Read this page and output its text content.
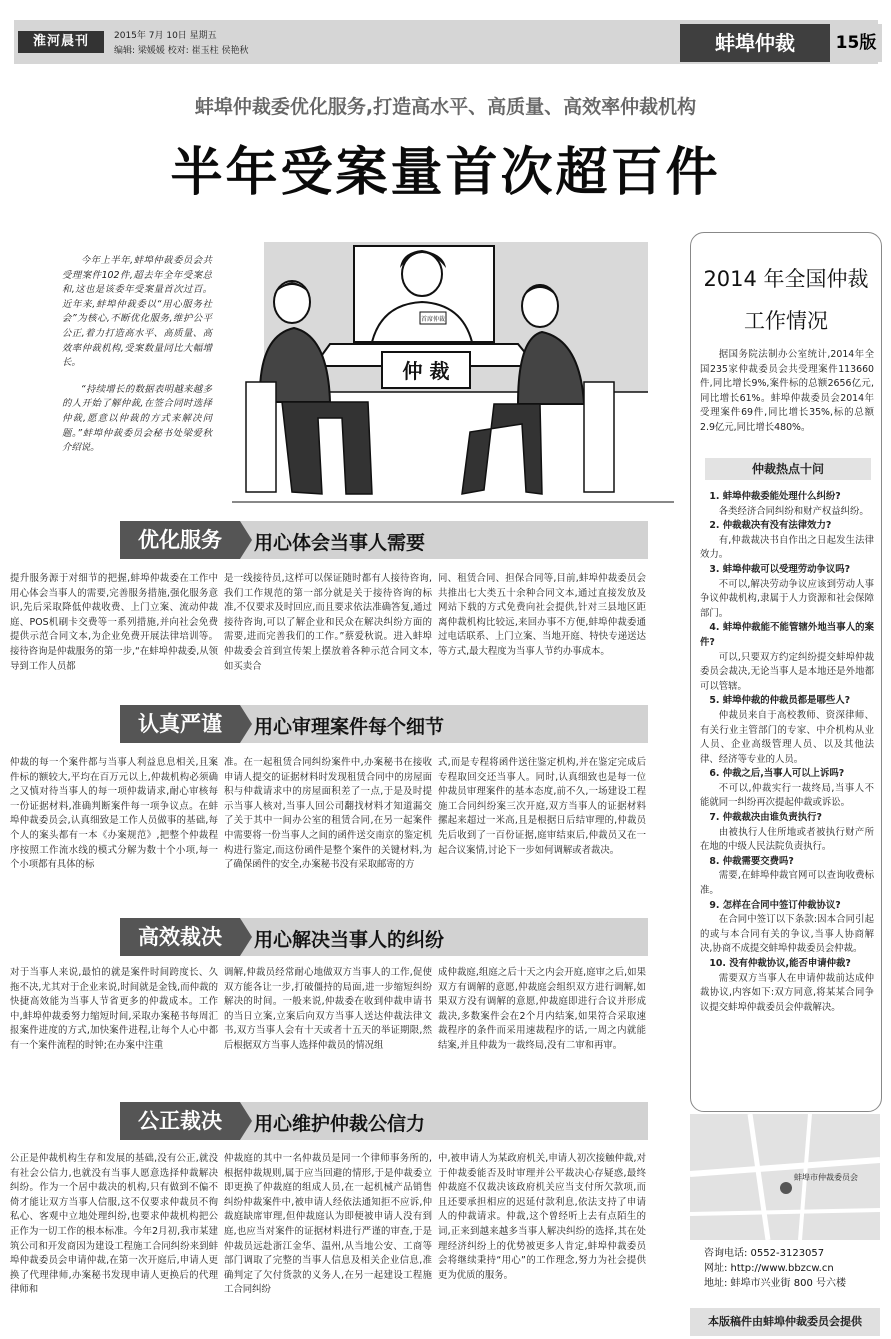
淮河晨刊	2015年 7月 10日 星期五
编辑: 梁媛媛 校对: 崔玉柱 侯艳秋	蚌埠仲裁	15版
蚌埠仲裁委优化服务,打造高水平、高质量、高效率仲裁机构
半年受案量首次超百件

今年上半年,蚌埠仲裁委员会共受理案件102件,超去年全年受案总和,这也是该委年受案量首次过百。近年来,蚌埠仲裁委以“用心服务社会”为核心,不断优化服务,维护公平公正,着力打造高水平、高质量、高效率仲裁机构,受案数量同比大幅增长。

“持续增长的数据表明越来越多的人开始了解仲裁,在签合同时选择仲裁,愿意以仲裁的方式来解决问题。”蚌埠仲裁委员会秘书处梁爱秋介绍说。

首席仲裁
仲 裁
优化服务	用心体会当事人需要
提升服务源于对细节的把握,蚌埠仲裁委在工作中用心体会当事人的需要,完善服务措施,强化服务意识,先后采取降低仲裁收费、上门立案、流动仲裁庭、POS机刷卡交费等一系列措施,并向社会免费提供示范合同文本,为企业免费开展法律培训等。接待咨询是仲裁服务的第一步,“在蚌埠仲裁委,从领导到工作人员都
是一线接待员,这样可以保证随时都有人接待咨询,我们工作规范的第一部分就是关于接待咨询的标准,不仅要求及时回应,而且要求依法准确答复,通过接待咨询,可以了解企业和民众在解决纠纷方面的需要,进而完善我们的工作。”蔡爱秋说。进入蚌埠仲裁委会首到宣传架上摆放着各种示范合同文本,如买卖合
同、租赁合同、担保合同等,目前,蚌埠仲裁委员会共推出七大类五十余种合同文本,通过直接发放及网站下载的方式免费向社会提供,针对三县地区距离仲裁机构比较远,来回办事不方便,蚌埠仲裁委通过电话联系、上门立案、当地开庭、特快专递送达等方式,最大程度为当事人节约办事成本。
认真严谨	用心审理案件每个细节
仲裁的每一个案件都与当事人利益息息相关,且案件标的额较大,平均在百万元以上,仲裁机构必须确之又慎对待当事人的每一项仲裁请求,耐心审核每一份证据材料,准确判断案件每一项争议点。在蚌埠仲裁委员会,认真细致是工作人员做事的基础,每个人的案头都有一本《办案规范》,把整个仲裁程序按照工作流水线的模式分解为数十个小项,每一个小项都有具体的标
准。在一起租赁合同纠纷案件中,办案秘书在接收申请人提交的证据材料时发现租赁合同中的房屋面积与仲裁请求中的房屋面积差了一点,于是及时提示当事人核对,当事人回公司翻找材料才知道漏交了关于其中一间办公室的租赁合同,在另一起案件中需要将一份当事人之间的函件送交南京的鉴定机构进行鉴定,而这份函件是整个案件的关键材料,为了确保函件的安全,办案秘书没有采取邮寄的方
式,而是专程将函件送往鉴定机构,并在鉴定完成后专程取回交还当事人。同时,认真细致也是每一位仲裁员审理案件的基本态度,前不久,一场建设工程施工合同纠纷案三次开庭,双方当事人的证据材料摞起来超过一米高,且是根据日后结审理的,仲裁员先后收到了一百份证据,庭审结束后,仲裁员又在一起合议案情,讨论下一步如何调解或者裁决。
高效裁决	用心解决当事人的纠纷
对于当事人来说,最怕的就是案件时间跨度长、久拖不决,尤其对于企业来说,时间就是金钱,而仲裁的快捷高效能为当事人节省更多的仲裁成本。工作中,蚌埠仲裁委努力缩短时间,采取办案秘书每周汇报案件进度的方式,加快案件进程,让每个人心中都有一个案件流程的时钟;在办案中注重
调解,仲裁员经常耐心地做双方当事人的工作,促使双方能各让一步,打破僵持的局面,进一步缩短纠纷解决的时间。一般来说,仲裁委在收到仲裁申请书的当日立案,立案后向双方当事人送达仲裁法律文书,双方当事人会有十天或者十五天的举证期限,然后根据双方当事人选择仲裁员的情况组
成仲裁庭,组庭之后十天之内会开庭,庭审之后,如果双方有调解的意愿,仲裁庭会组织双方进行调解,如果双方没有调解的意愿,仲裁庭即进行合议并形成裁决,多数案件会在2个月内结案,如果符合采取速裁程序的条件而采用速裁程序的话,一周之内就能结案,并且仲裁为一裁终局,没有二审和再审。
公正裁决	用心维护仲裁公信力
公正是仲裁机构生存和发展的基础,没有公正,就没有社会公信力,也就没有当事人愿意选择仲裁解决纠纷。作为一个居中裁决的机构,只有做到不偏不倚才能让双方当事人信服,这不仅要求仲裁员不徇私心、客观中立地处理纠纷,也要求仲裁机构把公正作为一切工作的根本标准。今年2月初,我市某建筑公司和开发商因为建设工程施工合同纠纷来到蚌埠仲裁委员会申请仲裁,在第一次开庭后,申请人更换了代理律师,办案秘书发现申请人更换后的代理律师和
仲裁庭的其中一名仲裁员是同一个律师事务所的,根据仲裁规则,属于应当回避的情形,于是仲裁委立即更换了仲裁庭的组成人员,在一起机械产品销售纠纷仲裁案件中,被申请人经依法通知拒不应诉,仲裁庭缺席审理,但仲裁庭认为即便被申请人没有到庭,也应当对案件的证据材料进行严谨的审查,于是仲裁员远赴浙江金华、温州,从当地公安、工商等部门调取了完整的当事人信息及相关企业信息,准确判定了欠付货款的义务人,在另一起建设工程施工合同纠纷
中,被申请人为某政府机关,申请人初次接触仲裁,对于仲裁委能否及时审理并公平裁决心存疑惑,最终仲裁庭不仅裁决该政府机关应当支付所欠款项,而且还要承担相应的迟延付款利息,依法支持了申请人的仲裁请求。仲裁,这个曾经听上去有点陌生的词,正来到越来越多当事人解决纠纷的选择,其在处理经济纠纷上的优势被更多人肯定,蚌埠仲裁委员会将继续秉持“用心”的工作理念,努力为社会提供更为优质的服务。
2014 年全国仲裁
工作情况
据国务院法制办公室统计,2014年全国235家仲裁委员会共受理案件113660件,同比增长9%,案件标的总额2656亿元,同比增长61%。蚌埠仲裁委员会2014年受理案件69件,同比增长35%,标的总额2.9亿元,同比增长480%。
仲裁热点十问
1. 蚌埠仲裁委能处理什么纠纷?
各类经济合同纠纷和财产权益纠纷。
2. 仲裁裁决有没有法律效力?
有,仲裁裁决书自作出之日起发生法律效力。
3. 蚌埠仲裁可以受理劳动争议吗?
不可以,解决劳动争议应该到劳动人事争议仲裁机构,隶属于人力资源和社会保障部门。
4. 蚌埠仲裁能不能管辖外地当事人的案件?
可以,只要双方约定纠纷提交蚌埠仲裁委员会裁决,无论当事人是本地还是外地都可以管辖。
5. 蚌埠仲裁的仲裁员都是哪些人?
仲裁员来自于高校教师、资深律师、有关行业主管部门的专家、中介机构从业人员、企业高级管理人员、以及其他法律、经济等专业的人员。
6. 仲裁之后,当事人可以上诉吗?
不可以,仲裁实行一裁终局,当事人不能就同一纠纷再次提起仲裁或诉讼。
7. 仲裁裁决由谁负责执行?
由被执行人住所地或者被执行财产所在地的中级人民法院负责执行。
8. 仲裁需要交费吗?
需要,在蚌埠仲裁官网可以查询收费标准。
9. 怎样在合同中签订仲裁协议?
在合同中签订以下条款:因本合同引起的或与本合同有关的争议,当事人协商解决,协商不成提交蚌埠仲裁委员会仲裁。
10. 没有仲裁协议,能否申请仲裁?
需要双方当事人在申请仲裁前达成仲裁协议,内容如下:双方同意,将某某合同争议提交蚌埠仲裁委员会仲裁解决。
蚌埠市仲裁委员会
咨询电话: 0552-3123057
网址: http://www.bbzcw.cn
地址: 蚌埠市兴业街 800 号六楼
本版稿件由蚌埠仲裁委员会提供
